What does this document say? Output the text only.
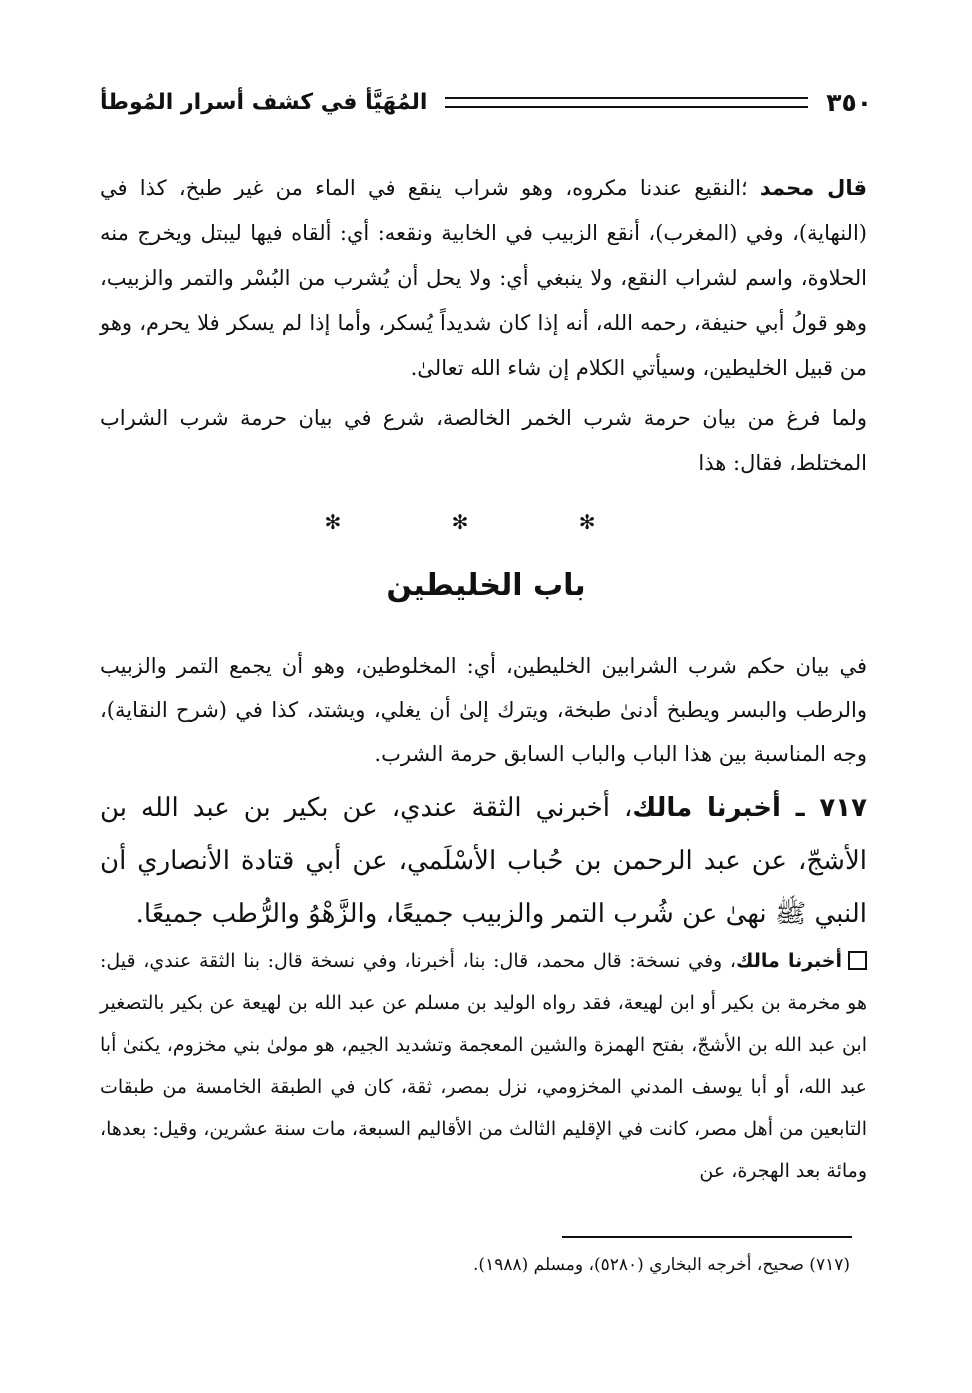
٣٥٠
المُهَيَّأ في كشف أسرار المُوطأ
قال محمد ؛النقيع عندنا مكروه، وهو شراب ينقع في الماء من غير طبخ، كذا في (النهاية)، وفي (المغرب)، أنقع الزبيب في الخابية ونقعه: أي: ألقاه فيها ليبتل ويخرج منه الحلاوة، واسم لشراب النقع، ولا ينبغي أي: ولا يحل أن يُشرب من البُسْر والتمر والزبيب، وهو قولُ أبي حنيفة، رحمه الله، أنه إذا كان شديداً يُسكر، وأما إذا لم يسكر فلا يحرم، وهو من قبيل الخليطين، وسيأتي الكلام إن شاء الله تعالىٰ.
ولما فرغ من بيان حرمة شرب الخمر الخالصة، شرع في بيان حرمة شرب الشراب المختلط، فقال: هذا
✻ ✻ ✻
باب الخليطين
في بيان حكم شرب الشرابين الخليطين، أي: المخلوطين، وهو أن يجمع التمر والزبيب والرطب والبسر ويطبخ أدنىٰ طبخة، ويترك إلىٰ أن يغلي، ويشتد، كذا في (شرح النقاية)، وجه المناسبة بين هذا الباب والباب السابق حرمة الشرب.
٧١٧ ـ أخبرنا مالك، أخبرني الثقة عندي، عن بكير بن عبد الله بن الأشجّ، عن عبد الرحمن بن حُباب الأسْلَمي، عن أبي قتادة الأنصاري أن النبي ﷺ نهىٰ عن شُرب التمر والزبيب جميعًا، والزَّهْوُ والرُّطب جميعًا.
أخبرنا مالك، وفي نسخة: قال محمد، قال: بنا، أخبرنا، وفي نسخة قال: بنا الثقة عندي، قيل: هو مخرمة بن بكير أو ابن لهيعة، فقد رواه الوليد بن مسلم عن عبد الله بن لهيعة عن بكير بالتصغير ابن عبد الله بن الأشجّ، بفتح الهمزة والشين المعجمة وتشديد الجيم، هو مولىٰ بني مخزوم، يكنىٰ أبا عبد الله، أو أبا يوسف المدني المخزومي، نزل بمصر، ثقة، كان في الطبقة الخامسة من طبقات التابعين من أهل مصر، كانت في الإقليم الثالث من الأقاليم السبعة، مات سنة عشرين، وقيل: بعدها، ومائة بعد الهجرة، عن
(٧١٧) صحيح، أخرجه البخاري (٥٢٨٠)، ومسلم (١٩٨٨).
